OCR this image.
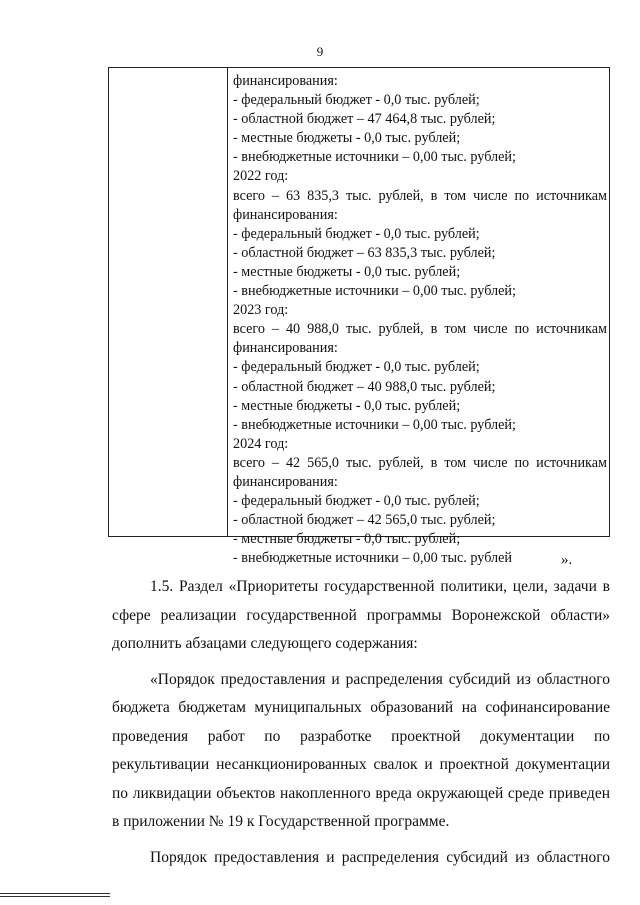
9
финансирования:
- федеральный бюджет - 0,0 тыс. рублей;
- областной бюджет – 47 464,8 тыс. рублей;
- местные бюджеты - 0,0 тыс. рублей;
- внебюджетные источники – 0,00 тыс. рублей;
2022 год:
всего – 63 835,3 тыс. рублей, в том числе по источникам
финансирования:
- федеральный бюджет - 0,0 тыс. рублей;
- областной бюджет – 63 835,3 тыс. рублей;
- местные бюджеты - 0,0 тыс. рублей;
- внебюджетные источники – 0,00 тыс. рублей;
2023 год:
всего – 40 988,0 тыс. рублей, в том числе по источникам
финансирования:
- федеральный бюджет - 0,0 тыс. рублей;
- областной бюджет – 40 988,0 тыс. рублей;
- местные бюджеты - 0,0 тыс. рублей;
- внебюджетные источники – 0,00 тыс. рублей;
2024 год:
всего – 42 565,0 тыс. рублей, в том числе по источникам
финансирования:
- федеральный бюджет - 0,0 тыс. рублей;
- областной бюджет – 42 565,0 тыс. рублей;
- местные бюджеты - 0,0 тыс. рублей;
- внебюджетные источники – 0,00 тыс. рублей	».

1.5. Раздел «Приоритеты государственной политики, цели, задачи в сфере реализации государственной программы Воронежской области» дополнить абзацами следующего содержания:

«Порядок предоставления и распределения субсидий из областного бюджета бюджетам муниципальных образований на софинансирование проведения работ по разработке проектной документации по рекультивации несанкционированных свалок и проектной документации по ликвидации объектов накопленного вреда окружающей среде приведен в приложении № 19 к Государственной программе.

Порядок предоставления и распределения субсидий из областного
